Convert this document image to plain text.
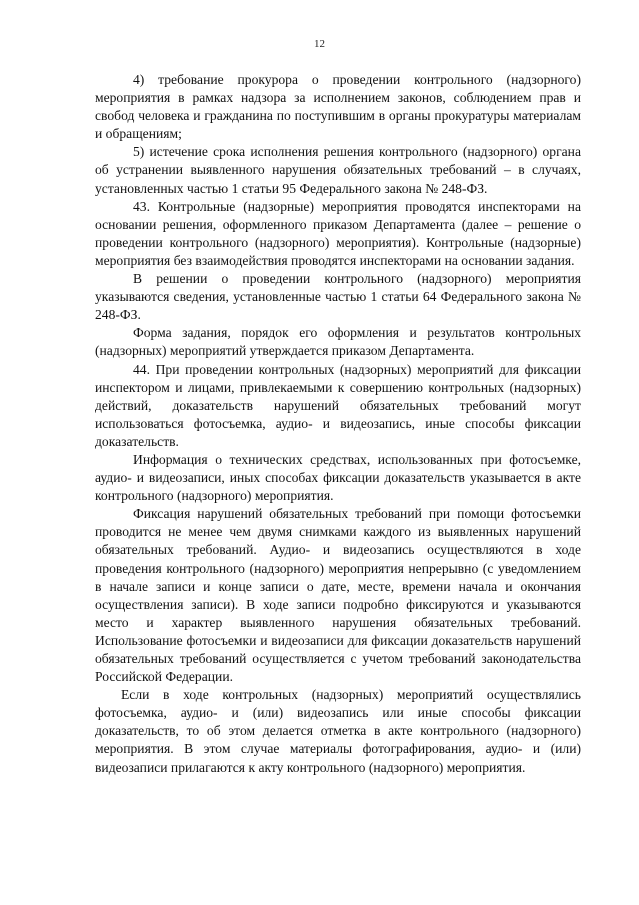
12

4) требование прокурора о проведении контрольного (надзорного) мероприятия в рамках надзора за исполнением законов, соблюдением прав и свобод человека и гражданина по поступившим в органы прокуратуры материалам и обращениям;

5) истечение срока исполнения решения контрольного (надзорного) органа об устранении выявленного нарушения обязательных требований – в случаях, установленных частью 1 статьи 95 Федерального закона № 248-ФЗ.

43. Контрольные (надзорные) мероприятия проводятся инспекторами на основании решения, оформленного приказом Департамента (далее – решение о проведении контрольного (надзорного) мероприятия). Контрольные (надзорные) мероприятия без взаимодействия проводятся инспекторами на основании задания.

В решении о проведении контрольного (надзорного) мероприятия указываются сведения, установленные частью 1 статьи 64 Федерального закона № 248-ФЗ.

Форма задания, порядок его оформления и результатов контрольных (надзорных) мероприятий утверждается приказом Департамента.

44. При проведении контрольных (надзорных) мероприятий для фиксации инспектором и лицами, привлекаемыми к совершению контрольных (надзорных) действий, доказательств нарушений обязательных требований могут использоваться фотосъемка, аудио- и видеозапись, иные способы фиксации доказательств.

Информация о технических средствах, использованных при фотосъемке, аудио- и видеозаписи, иных способах фиксации доказательств указывается в акте контрольного (надзорного) мероприятия.

Фиксация нарушений обязательных требований при помощи фотосъемки проводится не менее чем двумя снимками каждого из выявленных нарушений обязательных требований. Аудио- и видеозапись осуществляются в ходе проведения контрольного (надзорного) мероприятия непрерывно (с уведомлением в начале записи и конце записи о дате, месте, времени начала и окончания осуществления записи). В ходе записи подробно фиксируются и указываются место и характер выявленного нарушения обязательных требований. Использование фотосъемки и видеозаписи для фиксации доказательств нарушений обязательных требований осуществляется с учетом требований законодательства Российской Федерации.

Если в ходе контрольных (надзорных) мероприятий осуществлялись фотосъемка, аудио- и (или) видеозапись или иные способы фиксации доказательств, то об этом делается отметка в акте контрольного (надзорного) мероприятия. В этом случае материалы фотографирования, аудио- и (или) видеозаписи прилагаются к акту контрольного (надзорного) мероприятия.
